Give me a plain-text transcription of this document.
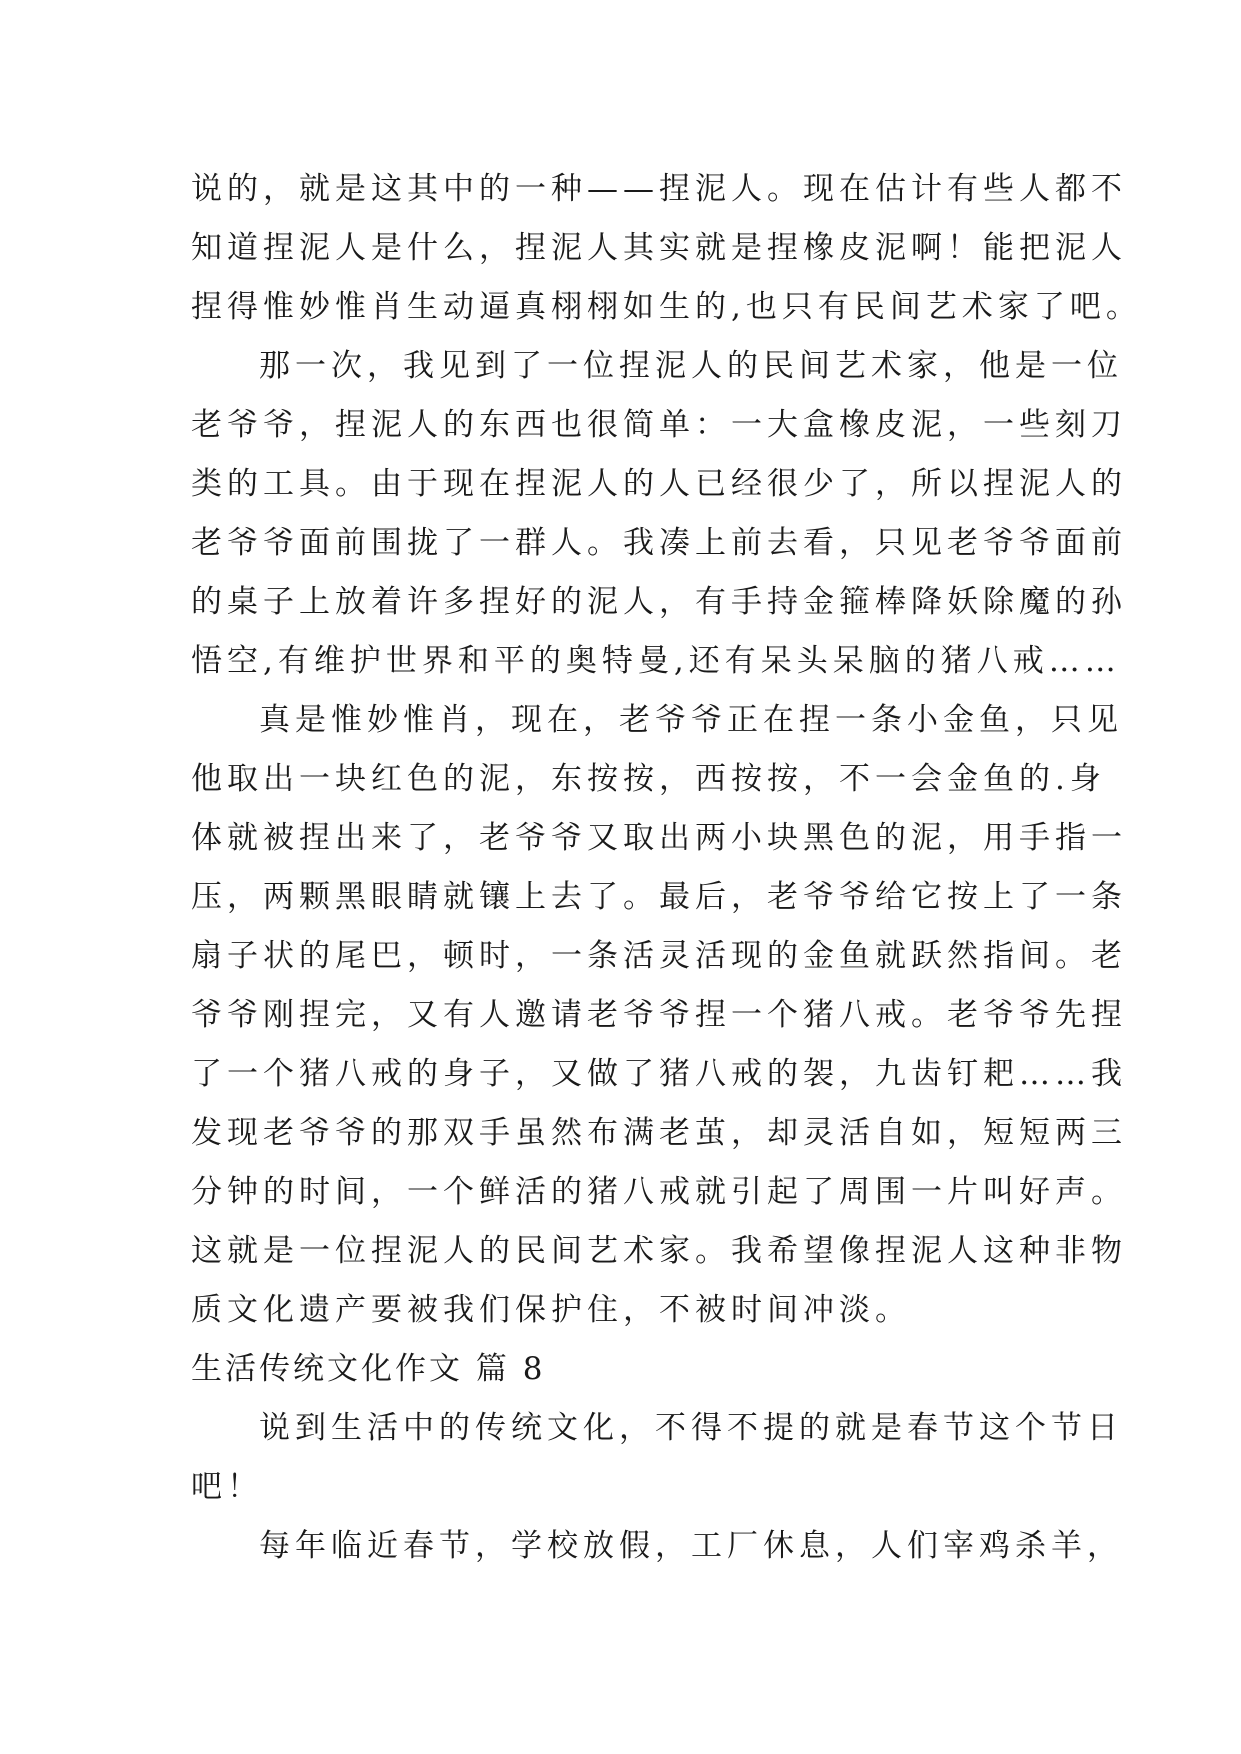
说的，就是这其中的一种——捏泥人。现在估计有些人都不
知道捏泥人是什么，捏泥人其实就是捏橡皮泥啊！能把泥人
捏得惟妙惟肖生动逼真栩栩如生的,也只有民间艺术家了吧。
那一次，我见到了一位捏泥人的民间艺术家，他是一位
老爷爷，捏泥人的东西也很简单：一大盒橡皮泥，一些刻刀
类的工具。由于现在捏泥人的人已经很少了，所以捏泥人的
老爷爷面前围拢了一群人。我凑上前去看，只见老爷爷面前
的桌子上放着许多捏好的泥人，有手持金箍棒降妖除魔的孙
悟空,有维护世界和平的奥特曼,还有呆头呆脑的猪八戒……
真是惟妙惟肖，现在，老爷爷正在捏一条小金鱼，只见
他取出一块红色的泥，东按按，西按按，不一会金鱼的.身
体就被捏出来了，老爷爷又取出两小块黑色的泥，用手指一
压，两颗黑眼睛就镶上去了。最后，老爷爷给它按上了一条
扇子状的尾巴，顿时，一条活灵活现的金鱼就跃然指间。老
爷爷刚捏完，又有人邀请老爷爷捏一个猪八戒。老爷爷先捏
了一个猪八戒的身子，又做了猪八戒的袈，九齿钉耙……我
发现老爷爷的那双手虽然布满老茧，却灵活自如，短短两三
分钟的时间，一个鲜活的猪八戒就引起了周围一片叫好声。
这就是一位捏泥人的民间艺术家。我希望像捏泥人这种非物
质文化遗产要被我们保护住，不被时间冲淡。
生活传统文化作文 篇 8
说到生活中的传统文化，不得不提的就是春节这个节日
吧！
每年临近春节，学校放假，工厂休息，人们宰鸡杀羊，
